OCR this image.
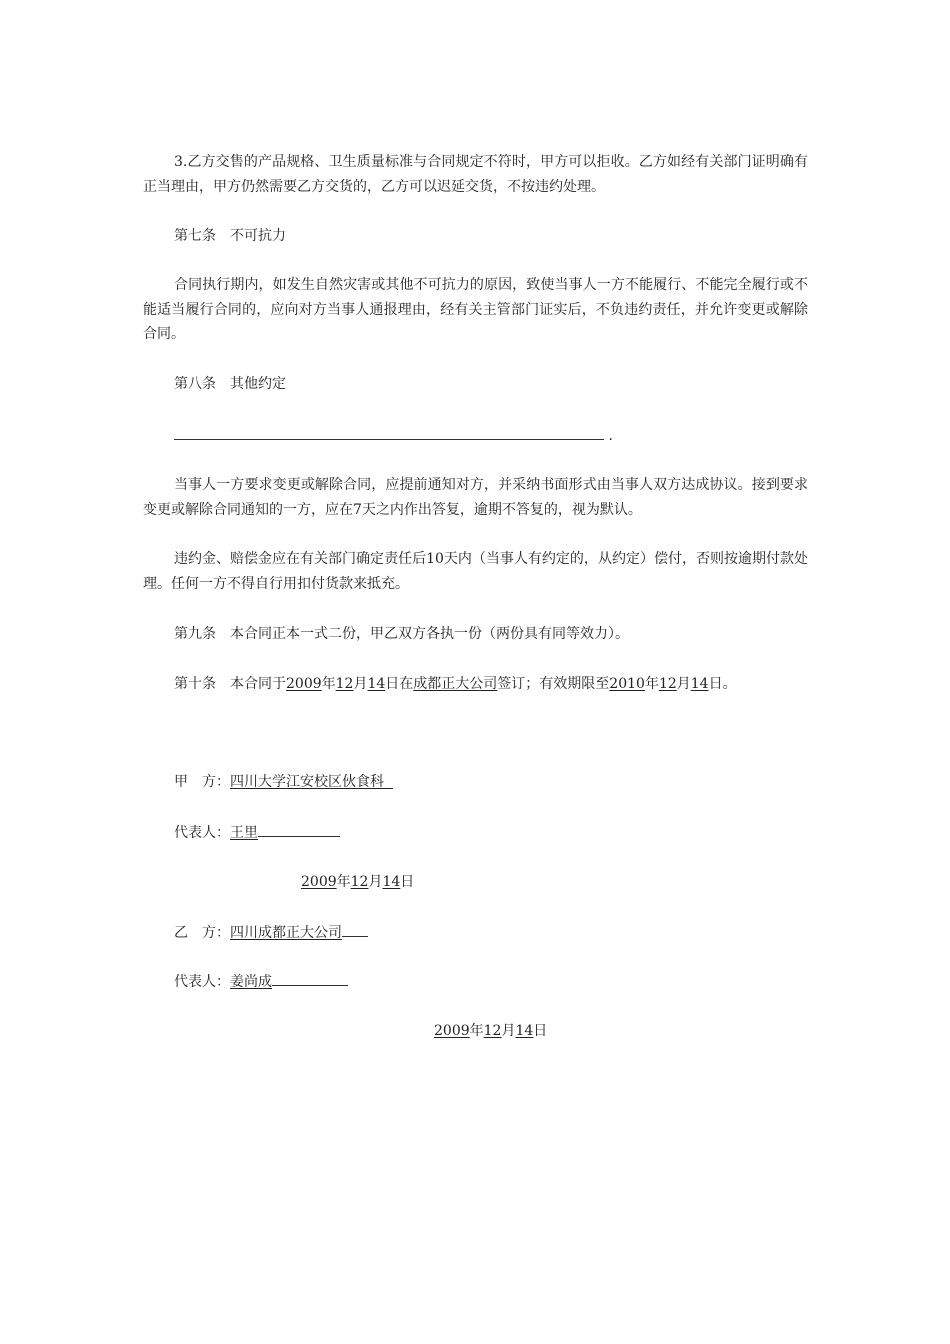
3.乙方交售的产品规格、卫生质量标准与合同规定不符时，甲方可以拒收。乙方如经有关部门证明确有正当理由，甲方仍然需要乙方交货的，乙方可以迟延交货，不按违约处理。

第七条 不可抗力

合同执行期内，如发生自然灾害或其他不可抗力的原因，致使当事人一方不能履行、不能完全履行或不能适当履行合同的，应向对方当事人通报理由，经有关主管部门证实后，不负违约责任，并允许变更或解除合同。

第八条 其他约定

.

当事人一方要求变更或解除合同，应提前通知对方，并采纳书面形式由当事人双方达成协议。接到要求变更或解除合同通知的一方，应在7天之内作出答复，逾期不答复的，视为默认。

违约金、赔偿金应在有关部门确定责任后10天内（当事人有约定的，从约定）偿付，否则按逾期付款处理。任何一方不得自行用扣付货款来抵充。

第九条 本合同正本一式二份，甲乙双方各执一份（两份具有同等效力）。

第十条 本合同于2009年12月14日在成都正大公司签订；有效期限至2010年12月14日。

甲　方：四川大学江安校区伙食科

代表人：王里

2009年12月14日

乙　方：四川成都正大公司

代表人：姜尚成

2009年12月14日
